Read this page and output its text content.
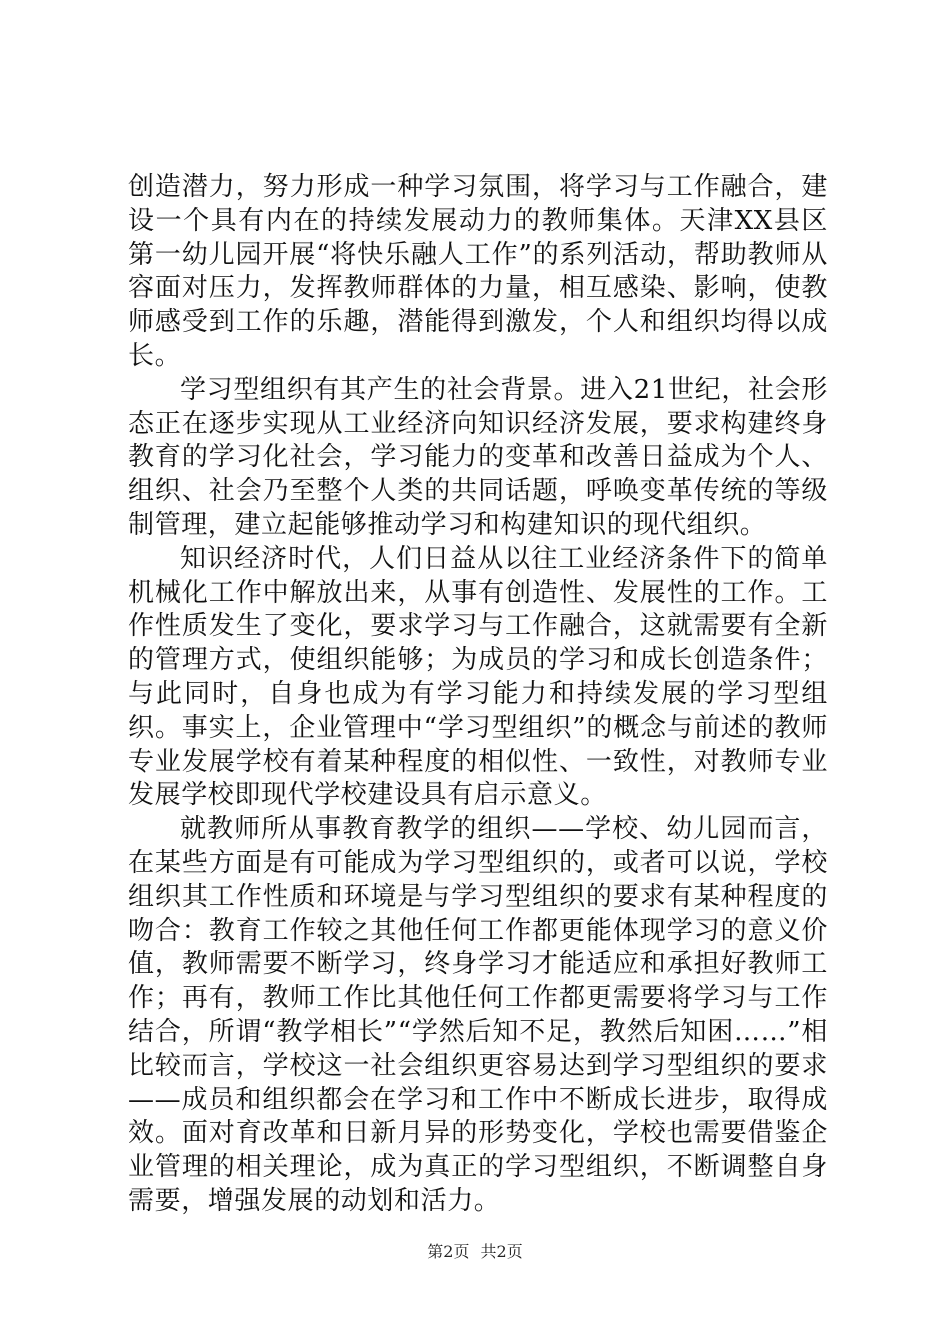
创造潜力，努力形成一种学习氛围，将学习与工作融合，建设一个具有内在的持续发展动力的教师集体。天津XX县区第一幼儿园开展“将快乐融人工作”的系列活动，帮助教师从容面对压力，发挥教师群体的力量，相互感染、影响，使教师感受到工作的乐趣，潜能得到激发，个人和组织均得以成长。

学习型组织有其产生的社会背景。进入21世纪，社会形态正在逐步实现从工业经济向知识经济发展，要求构建终身教育的学习化社会，学习能力的变革和改善日益成为个人、组织、社会乃至整个人类的共同话题，呼唤变革传统的等级制管理，建立起能够推动学习和构建知识的现代组织。

知识经济时代，人们日益从以往工业经济条件下的简单机械化工作中解放出来，从事有创造性、发展性的工作。工作性质发生了变化，要求学习与工作融合，这就需要有全新的管理方式，使组织能够；为成员的学习和成长创造条件；与此同时，自身也成为有学习能力和持续发展的学习型组织。事实上，企业管理中“学习型组织”的概念与前述的教师专业发展学校有着某种程度的相似性、一致性，对教师专业发展学校即现代学校建设具有启示意义。

就教师所从事教育教学的组织——学校、幼儿园而言，在某些方面是有可能成为学习型组织的，或者可以说，学校组织其工作性质和环境是与学习型组织的要求有某种程度的吻合：教育工作较之其他任何工作都更能体现学习的意义价值，教师需要不断学习，终身学习才能适应和承担好教师工作；再有，教师工作比其他任何工作都更需要将学习与工作结合，所谓“教学相长”“学然后知不足，教然后知困……”相比较而言，学校这一社会组织更容易达到学习型组织的要求——成员和组织都会在学习和工作中不断成长进步，取得成效。面对育改革和日新月异的形势变化，学校也需要借鉴企业管理的相关理论，成为真正的学习型组织，不断调整自身需要，增强发展的动划和活力。

第2页 共2页
